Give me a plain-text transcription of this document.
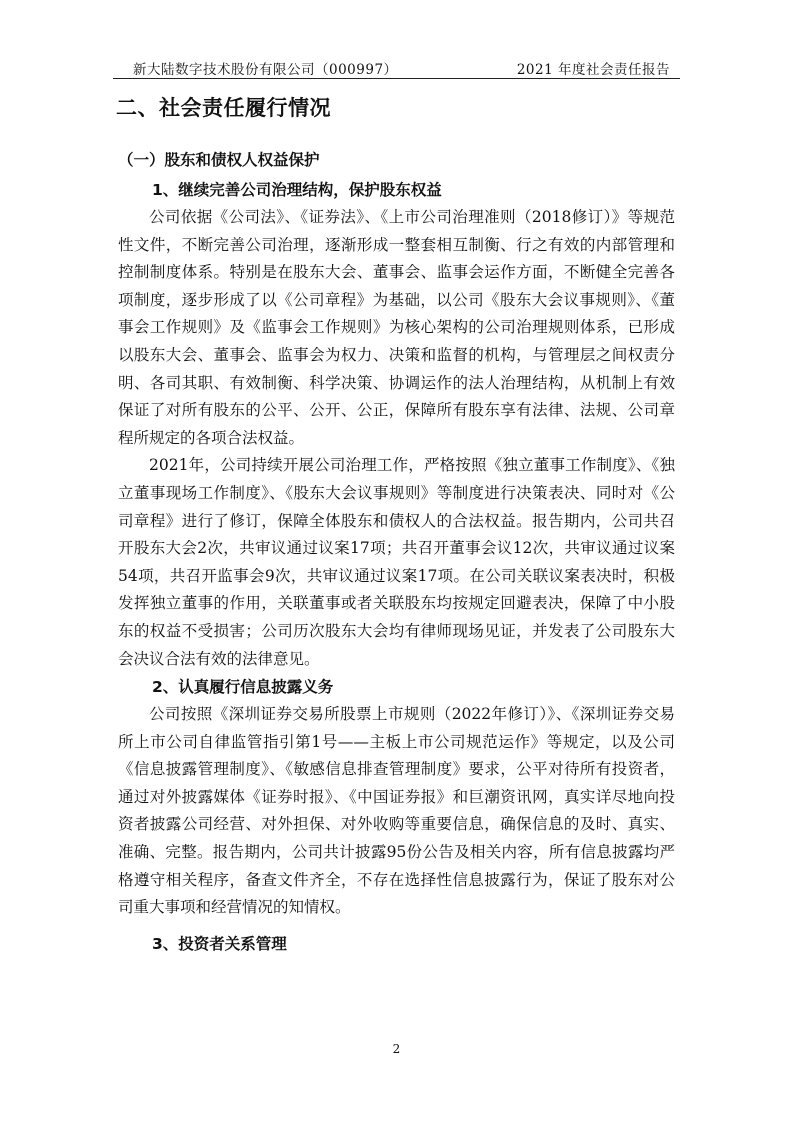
新大陆数字技术股份有限公司（000997）	2021 年度社会责任报告
二、社会责任履行情况
（一）股东和债权人权益保护
1、继续完善公司治理结构，保护股东权益

公司依据《公司法》、《证券法》、《上市公司治理准则（2018修订）》等规范性文件，不断完善公司治理，逐渐形成一整套相互制衡、行之有效的内部管理和控制制度体系。特别是在股东大会、董事会、监事会运作方面，不断健全完善各项制度，逐步形成了以《公司章程》为基础，以公司《股东大会议事规则》、《董事会工作规则》及《监事会工作规则》为核心架构的公司治理规则体系，已形成以股东大会、董事会、监事会为权力、决策和监督的机构，与管理层之间权责分明、各司其职、有效制衡、科学决策、协调运作的法人治理结构，从机制上有效保证了对所有股东的公平、公开、公正，保障所有股东享有法律、法规、公司章程所规定的各项合法权益。

2021年，公司持续开展公司治理工作，严格按照《独立董事工作制度》、《独立董事现场工作制度》、《股东大会议事规则》等制度进行决策表决、同时对《公司章程》进行了修订，保障全体股东和债权人的合法权益。报告期内，公司共召开股东大会2次，共审议通过议案17项；共召开董事会议12次，共审议通过议案54项，共召开监事会9次，共审议通过议案17项。在公司关联议案表决时，积极发挥独立董事的作用，关联董事或者关联股东均按规定回避表决，保障了中小股东的权益不受损害；公司历次股东大会均有律师现场见证，并发表了公司股东大会决议合法有效的法律意见。

2、认真履行信息披露义务

公司按照《深圳证券交易所股票上市规则（2022年修订）》、《深圳证券交易所上市公司自律监管指引第1号——主板上市公司规范运作》等规定，以及公司《信息披露管理制度》、《敏感信息排查管理制度》要求，公平对待所有投资者，通过对外披露媒体《证券时报》、《中国证券报》和巨潮资讯网，真实详尽地向投资者披露公司经营、对外担保、对外收购等重要信息，确保信息的及时、真实、准确、完整。报告期内，公司共计披露95份公告及相关内容，所有信息披露均严格遵守相关程序，备查文件齐全，不存在选择性信息披露行为，保证了股东对公司重大事项和经营情况的知情权。

3、投资者关系管理
2
